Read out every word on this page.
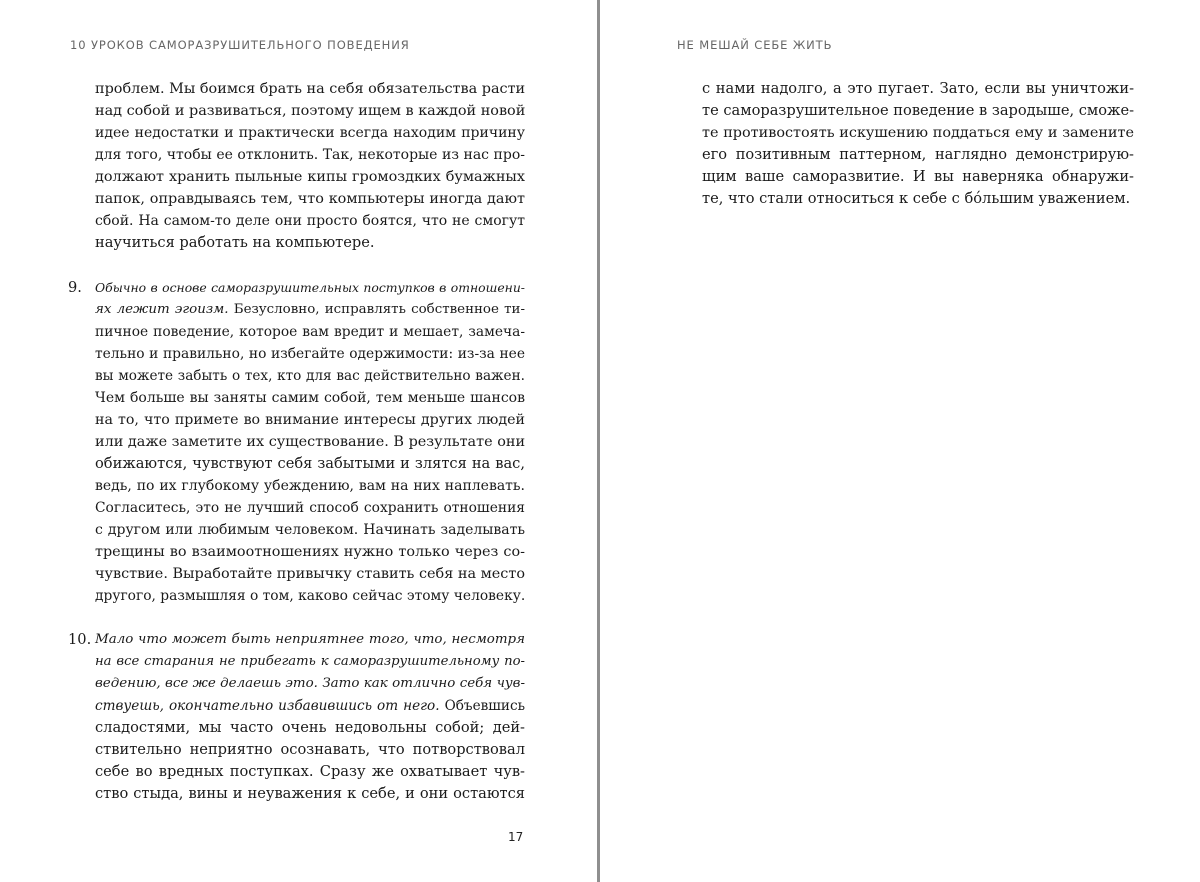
10 УРОКОВ САМОРАЗРУШИТЕЛЬНОГО ПОВЕДЕНИЯ
проблем. Мы боимся брать на себя обязательства расти
над собой и развиваться, поэтому ищем в каждой новой
идее недостатки и практически всегда находим причину
для того, чтобы ее отклонить. Так, некоторые из нас про-
должают хранить пыльные кипы громоздких бумажных
папок, оправдываясь тем, что компьютеры иногда дают
сбой. На самом-то деле они просто боятся, что не смогут
научиться работать на компьютере.
9. Обычно в основе саморазрушительных поступков в отношени-
ях лежит эгоизм. Безусловно, исправлять собственное ти-
пичное поведение, которое вам вредит и мешает, замеча-
тельно и правильно, но избегайте одержимости: из-за нее
вы можете забыть о тех, кто для вас действительно важен.
Чем больше вы заняты самим собой, тем меньше шансов
на то, что примете во внимание интересы других людей
или даже заметите их существование. В результате они
обижаются, чувствуют себя забытыми и злятся на вас,
ведь, по их глубокому убеждению, вам на них наплевать.
Согласитесь, это не лучший способ сохранить отношения
с другом или любимым человеком. Начинать заделывать
трещины во взаимоотношениях нужно только через со-
чувствие. Выработайте привычку ставить себя на место
другого, размышляя о том, каково сейчас этому человеку.
10. Мало что может быть неприятнее того, что, несмотря
на все старания не прибегать к саморазрушительному по-
ведению, все же делаешь это. Зато как отлично себя чув-
ствуешь, окончательно избавившись от него. Объевшись
сладостями, мы часто очень недовольны собой; дей-
ствительно неприятно осознавать, что потворствовал
себе во вредных поступках. Сразу же охватывает чув-
ство стыда, вины и неуважения к себе, и они остаются
17
НЕ МЕШАЙ СЕБЕ ЖИТЬ
с нами надолго, а это пугает. Зато, если вы уничтожи-
те саморазрушительное поведение в зародыше, сможе-
те противостоять искушению поддаться ему и замените
его позитивным паттерном, наглядно демонстрирую-
щим ваше саморазвитие. И вы наверняка обнаружи-
те, что стали относиться к себе с бóльшим уважением.
